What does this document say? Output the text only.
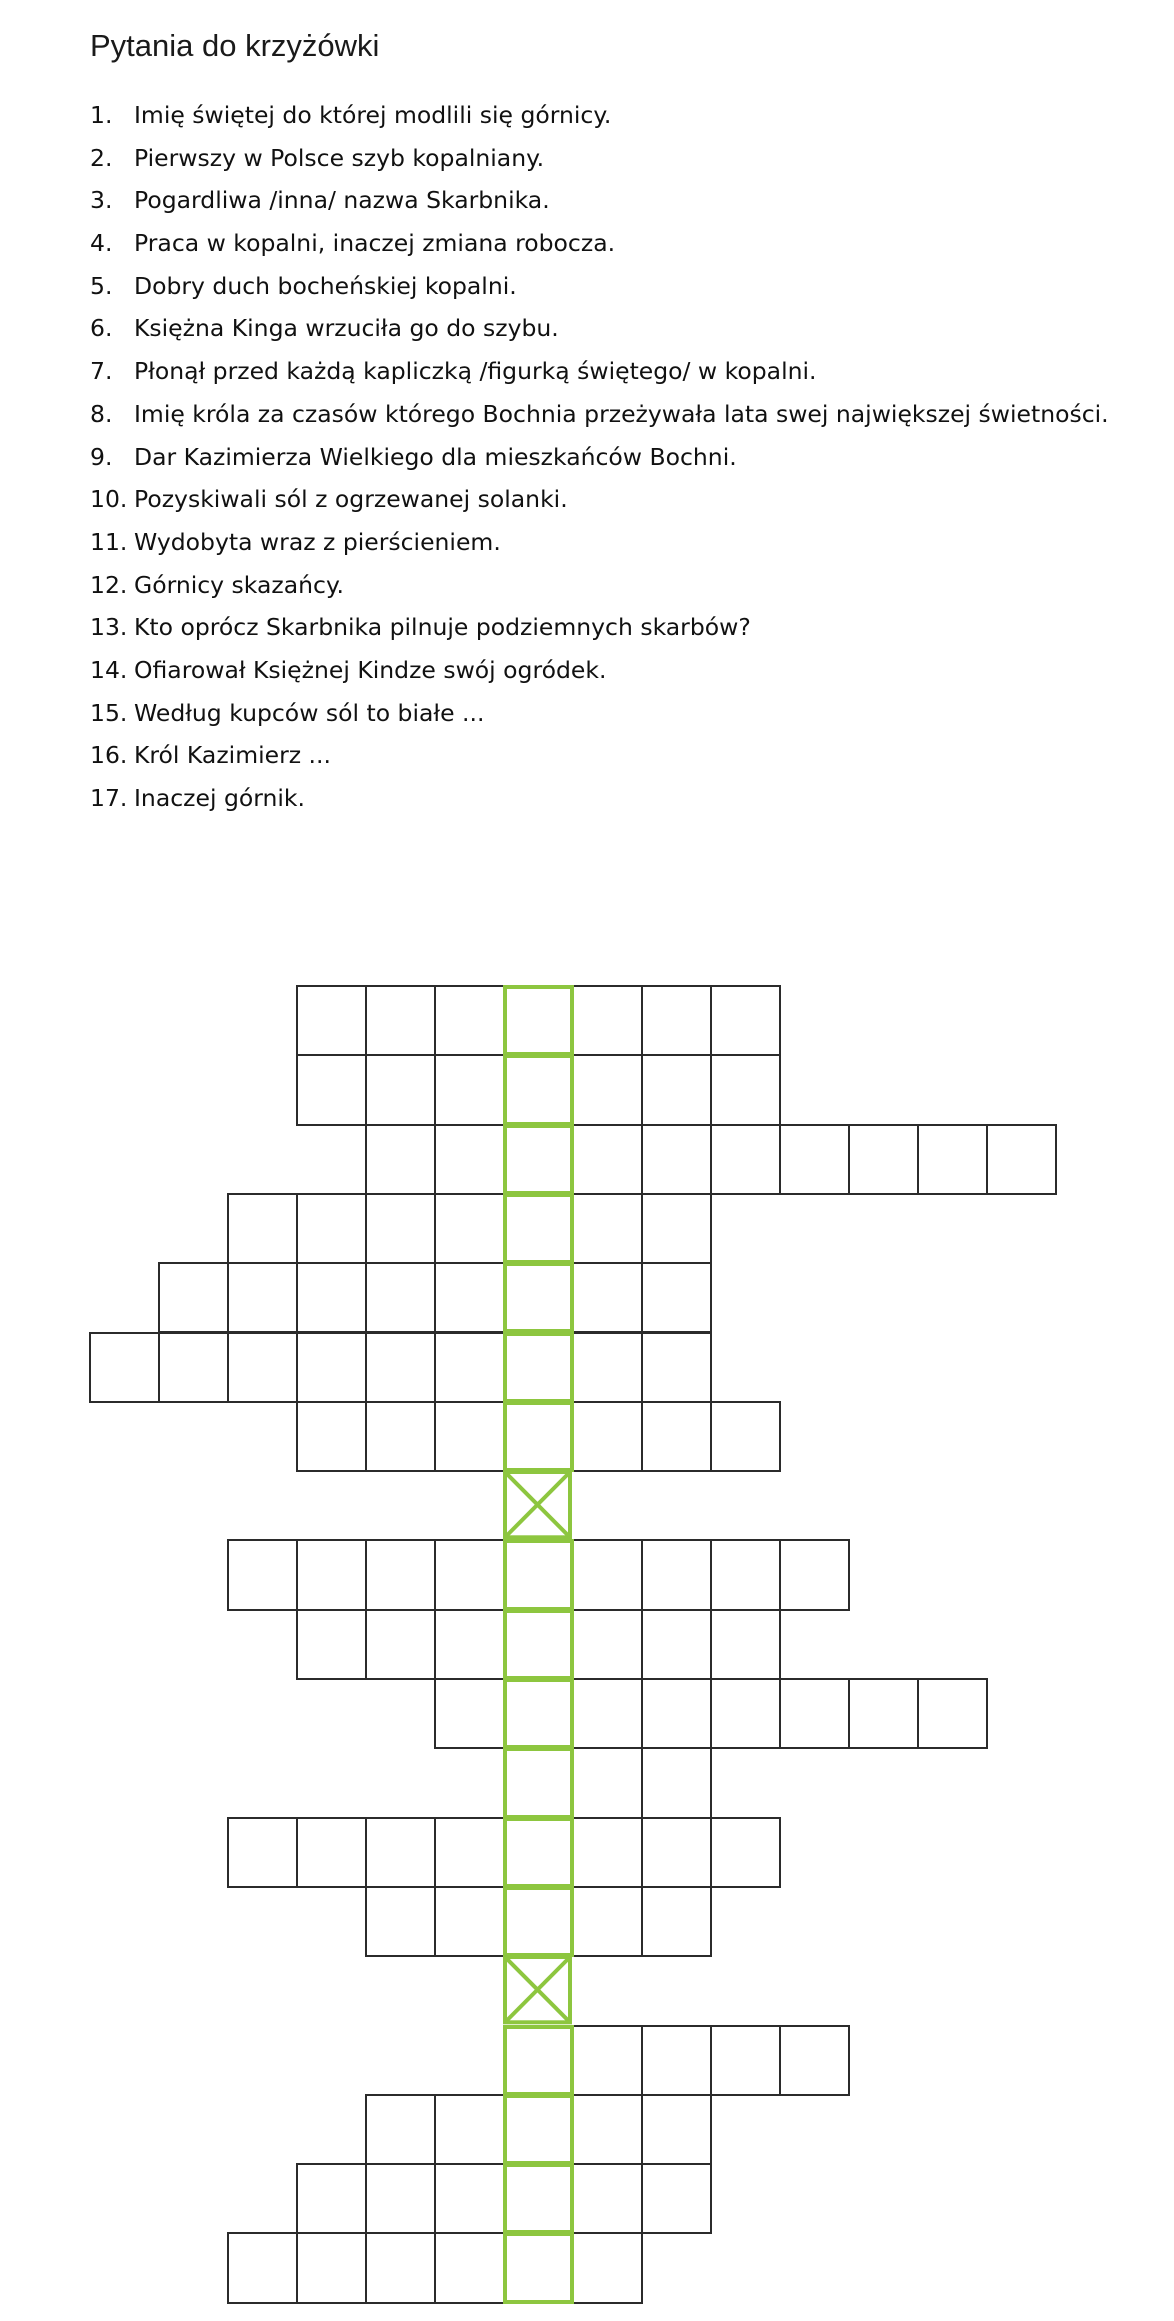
Pytania do krzyżówki
1. Imię świętej do której modlili się górnicy.
2. Pierwszy w Polsce szyb kopalniany.
3. Pogardliwa /inna/ nazwa Skarbnika.
4. Praca w kopalni, inaczej zmiana robocza.
5. Dobry duch bocheńskiej kopalni.
6. Księżna Kinga wrzuciła go do szybu.
7. Płonął przed każdą kapliczką /figurką świętego/ w kopalni.
8. Imię króla za czasów którego Bochnia przeżywała lata swej największej świetności.
9. Dar Kazimierza Wielkiego dla mieszkańców Bochni.
10. Pozyskiwali sól z ogrzewanej solanki.
11. Wydobyta wraz z pierścieniem.
12. Górnicy skazańcy.
13. Kto oprócz Skarbnika pilnuje podziemnych skarbów?
14. Ofiarował Księżnej Kindze swój ogródek.
15. Według kupców sól to białe ...
16. Król Kazimierz ...
17. Inaczej górnik.
